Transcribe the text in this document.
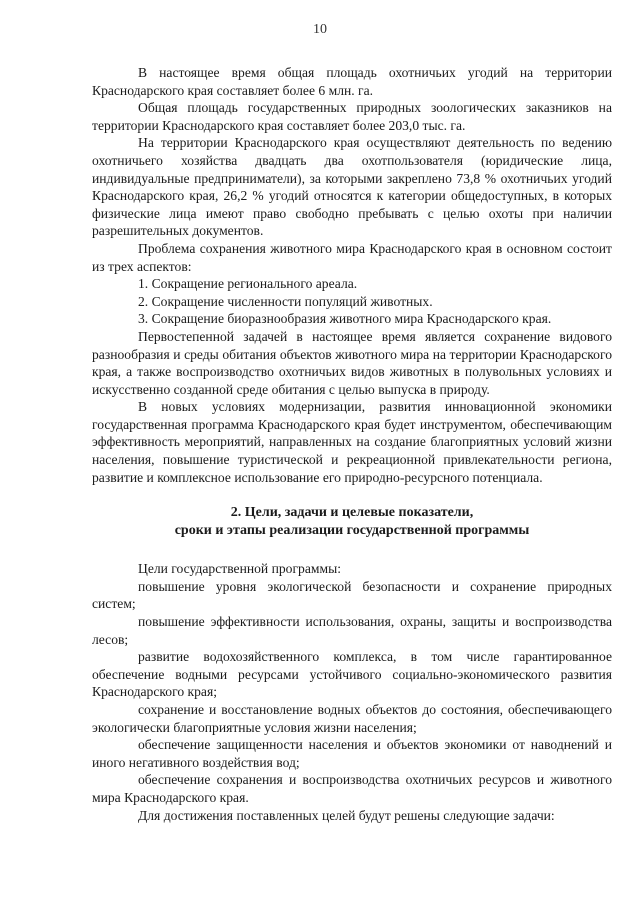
10

В настоящее время общая площадь охотничьих угодий на территории Краснодарского края составляет более 6 млн. га.

Общая площадь государственных природных зоологических заказников на территории Краснодарского края составляет более 203,0 тыс. га.

На территории Краснодарского края осуществляют деятельность по ведению охотничьего хозяйства двадцать два охотпользователя (юридические лица, индивидуальные предприниматели), за которыми закреплено 73,8 % охотничьих угодий Краснодарского края, 26,2 % угодий относятся к категории общедоступных, в которых физические лица имеют право свободно пребывать с целью охоты при наличии разрешительных документов.

Проблема сохранения животного мира Краснодарского края в основном состоит из трех аспектов:

1. Сокращение регионального ареала.

2. Сокращение численности популяций животных.

3. Сокращение биоразнообразия животного мира Краснодарского края.

Первостепенной задачей в настоящее время является сохранение видового разнообразия и среды обитания объектов животного мира на территории Краснодарского края, а также воспроизводство охотничьих видов животных в полувольных условиях и искусственно созданной среде обитания с целью выпуска в природу.

В новых условиях модернизации, развития инновационной экономики государственная программа Краснодарского края будет инструментом, обеспечивающим эффективность мероприятий, направленных на создание благоприятных условий жизни населения, повышение туристической и рекреационной привлекательности региона, развитие и комплексное использование его природно-ресурсного потенциала.

2. Цели, задачи и целевые показатели,
сроки и этапы реализации государственной программы

Цели государственной программы:

повышение уровня экологической безопасности и сохранение природных систем;

повышение эффективности использования, охраны, защиты и воспроизводства лесов;

развитие водохозяйственного комплекса, в том числе гарантированное обеспечение водными ресурсами устойчивого социально-экономического развития Краснодарского края;

сохранение и восстановление водных объектов до состояния, обеспечивающего экологически благоприятные условия жизни населения;

обеспечение защищенности населения и объектов экономики от наводнений и иного негативного воздействия вод;

обеспечение сохранения и воспроизводства охотничьих ресурсов и животного мира Краснодарского края.

Для достижения поставленных целей будут решены следующие задачи:
